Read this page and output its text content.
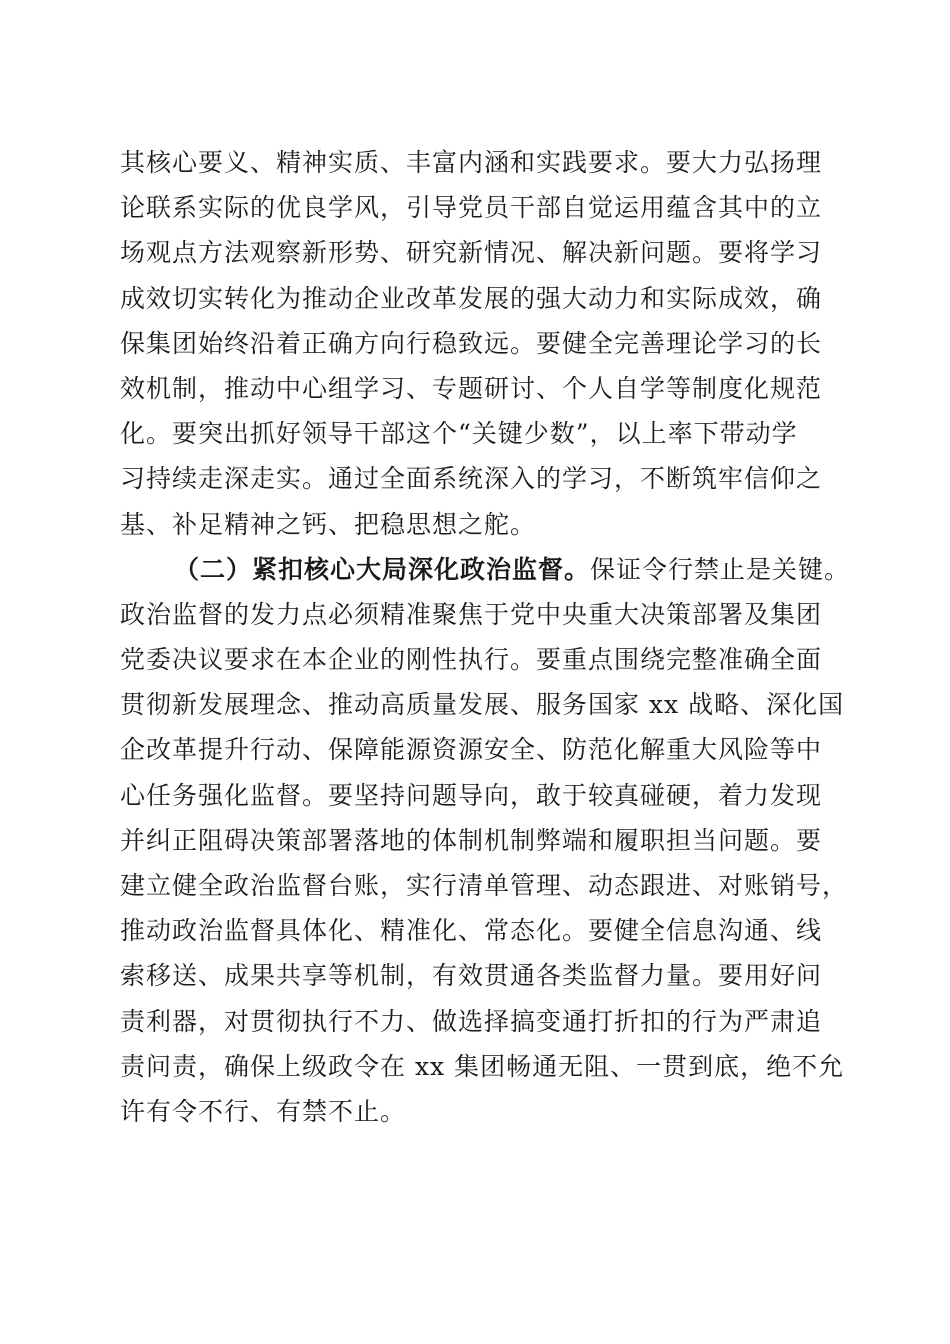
其核心要义、精神实质、丰富内涵和实践要求。要大力弘扬理
论联系实际的优良学风，引导党员干部自觉运用蕴含其中的立
场观点方法观察新形势、研究新情况、解决新问题。要将学习
成效切实转化为推动企业改革发展的强大动力和实际成效，确
保集团始终沿着正确方向行稳致远。要健全完善理论学习的长
效机制，推动中心组学习、专题研讨、个人自学等制度化规范
化。要突出抓好领导干部这个“关键少数”，以上率下带动学
习持续走深走实。通过全面系统深入的学习，不断筑牢信仰之
基、补足精神之钙、把稳思想之舵。
（二）紧扣核心大局深化政治监督。保证令行禁止是关键。
政治监督的发力点必须精准聚焦于党中央重大决策部署及集团
党委决议要求在本企业的刚性执行。要重点围绕完整准确全面
贯彻新发展理念、推动高质量发展、服务国家 xx 战略、深化国
企改革提升行动、保障能源资源安全、防范化解重大风险等中
心任务强化监督。要坚持问题导向，敢于较真碰硬，着力发现
并纠正阻碍决策部署落地的体制机制弊端和履职担当问题。要
建立健全政治监督台账，实行清单管理、动态跟进、对账销号，
推动政治监督具体化、精准化、常态化。要健全信息沟通、线
索移送、成果共享等机制，有效贯通各类监督力量。要用好问
责利器，对贯彻执行不力、做选择搞变通打折扣的行为严肃追
责问责，确保上级政令在 xx 集团畅通无阻、一贯到底，绝不允
许有令不行、有禁不止。
